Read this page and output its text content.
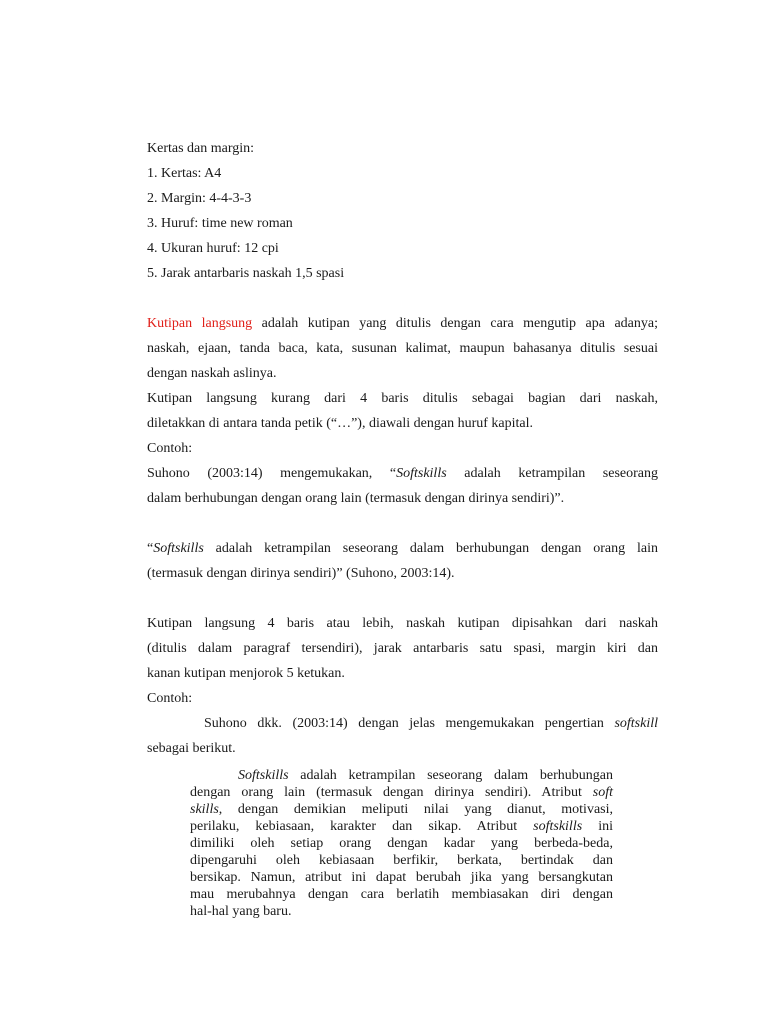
Kertas dan margin:
1. Kertas: A4
2. Margin: 4-4-3-3
3. Huruf: time new roman
4. Ukuran huruf: 12 cpi
5. Jarak antarbaris naskah 1,5 spasi
Kutipan langsung adalah kutipan yang ditulis dengan cara mengutip apa adanya;
naskah, ejaan, tanda baca, kata, susunan kalimat, maupun bahasanya ditulis sesuai
dengan naskah aslinya.
Kutipan langsung kurang dari 4 baris ditulis sebagai bagian dari naskah,
diletakkan di antara tanda petik (“…”), diawali dengan huruf kapital.
Contoh:
Suhono (2003:14) mengemukakan, “Softskills adalah ketrampilan seseorang
dalam berhubungan dengan orang lain (termasuk dengan dirinya sendiri)”.
“Softskills adalah ketrampilan seseorang dalam berhubungan dengan orang lain
(termasuk dengan dirinya sendiri)” (Suhono, 2003:14).
Kutipan langsung 4 baris atau lebih, naskah kutipan dipisahkan dari naskah
(ditulis dalam paragraf tersendiri), jarak antarbaris satu spasi, margin kiri dan
kanan kutipan menjorok 5 ketukan.
Contoh:
Suhono dkk. (2003:14) dengan jelas mengemukakan pengertian softskill
sebagai berikut.
Softskills adalah ketrampilan seseorang dalam berhubungan
dengan orang lain (termasuk dengan dirinya sendiri). Atribut soft
skills, dengan demikian meliputi nilai yang dianut, motivasi,
perilaku, kebiasaan, karakter dan sikap. Atribut softskills ini
dimiliki oleh setiap orang dengan kadar yang berbeda-beda,
dipengaruhi oleh kebiasaan berfikir, berkata, bertindak dan
bersikap. Namun, atribut ini dapat berubah jika yang bersangkutan
mau merubahnya dengan cara berlatih membiasakan diri dengan
hal-hal yang baru.
